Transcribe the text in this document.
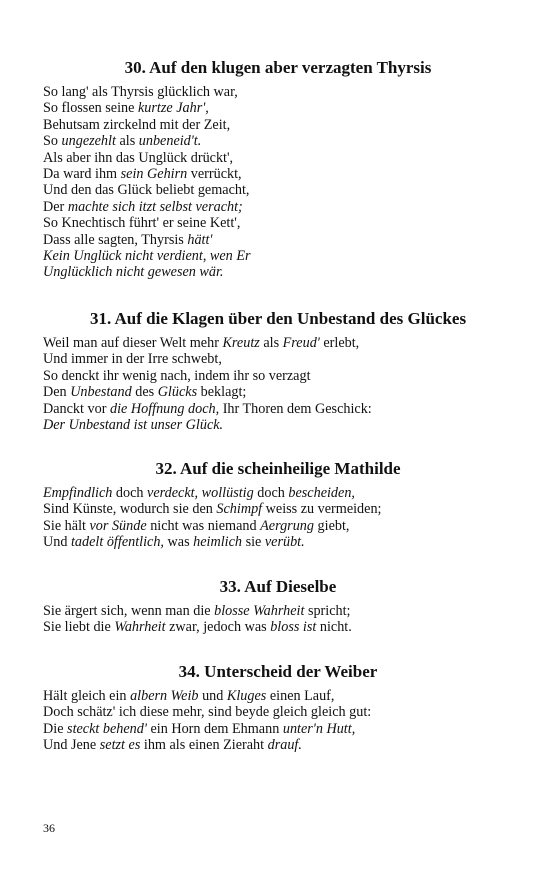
30. Auf den klugen aber verzagten Thyrsis
So lang' als Thyrsis glücklich war,
So flossen seine kurtze Jahr',
Behutsam zirckelnd mit der Zeit,
So ungezehlt als unbeneid't.
Als aber ihn das Unglück drückt',
Da ward ihm sein Gehirn verrückt,
Und den das Glück beliebt gemacht,
Der machte sich itzt selbst veracht;
So Knechtisch führt' er seine Kett',
Dass alle sagten, Thyrsis hätt'
Kein Unglück nicht verdient, wen Er
Unglücklich nicht gewesen wär.
31. Auf die Klagen über den Unbestand des Glückes
Weil man auf dieser Welt mehr Kreutz als Freud' erlebt,
Und immer in der Irre schwebt,
So denckt ihr wenig nach, indem ihr so verzagt
Den Unbestand des Glücks beklagt;
Danckt vor die Hoffnung doch, Ihr Thoren dem Geschick:
Der Unbestand ist unser Glück.
32. Auf die scheinheilige Mathilde
Empfindlich doch verdeckt, wollüstig doch bescheiden,
Sind Künste, wodurch sie den Schimpf weiss zu vermeiden;
Sie hält vor Sünde nicht was niemand Aergrung giebt,
Und tadelt öffentlich, was heimlich sie verübt.
33. Auf Dieselbe
Sie ärgert sich, wenn man die blosse Wahrheit spricht;
Sie liebt die Wahrheit zwar, jedoch was bloss ist nicht.
34. Unterscheid der Weiber
Hält gleich ein albern Weib und Kluges einen Lauf,
Doch schätz' ich diese mehr, sind beyde gleich gleich gut:
Die steckt behend' ein Horn dem Ehmann unter'n Hutt,
Und Jene setzt es ihm als einen Zieraht drauf.
36
